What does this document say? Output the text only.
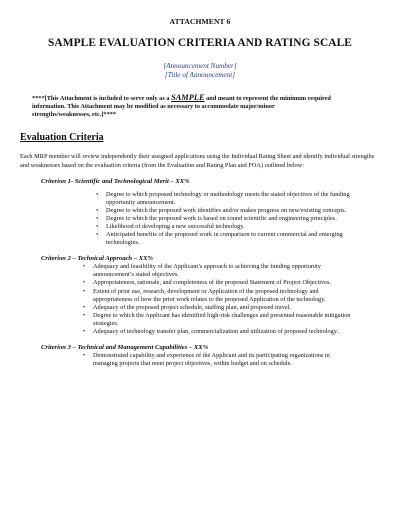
ATTACHMENT 6
SAMPLE EVALUATION CRITERIA AND RATING SCALE
[Announcement Number]
[Title of Announcement]
****[This Attachment is included to serve only as a SAMPLE and meant to represent the minimum required information. This Attachment may be modified as necessary to accommodate major/minor strengths/weaknesses, etc.]****
Evaluation Criteria
Each MRP member will review independently their assigned applications using the Individual Rating Sheet and identify individual strengths and weaknesses based on the evaluation criteria (from the Evaluation and Rating Plan and FOA) outlined below:
Criterion 1- Scientific and Technological Merit – XX%
• Degree to which proposed technology or methodology meets the stated objectives of the funding opportunity announcement.
• Degree to which the proposed work identifies and/or makes progress on new/existing concepts.
• Degree to which the proposed work is based on sound scientific and engineering principles.
• Likelihood of developing a new successful technology.
• Anticipated benefits of the proposed work in comparison to current commercial and emerging technologies.
Criterion 2 – Technical Approach – XX%
• Adequacy and feasibility of the Applicant’s approach to achieving the funding opportunity announcement’s stated objectives.
• Appropriateness, rationale, and completeness of the proposed Statement of Project Objectives.
• Extent of prior use, research, development or Application of the proposed technology and appropriateness of how the prior work relates to the proposed Application of the technology.
• Adequacy of the proposed project schedule, staffing plan, and proposed travel.
• Degree to which the Applicant has identified high-risk challenges and presented reasonable mitigation strategies.
• Adequacy of technology transfer plan, commercialization and utilization of proposed technology.
Criterion 3 – Technical and Management Capabilities – XX%
• Demonstrated capability and experience of the Applicant and its participating organizations in managing projects that meet project objectives, within budget and on schedule.
